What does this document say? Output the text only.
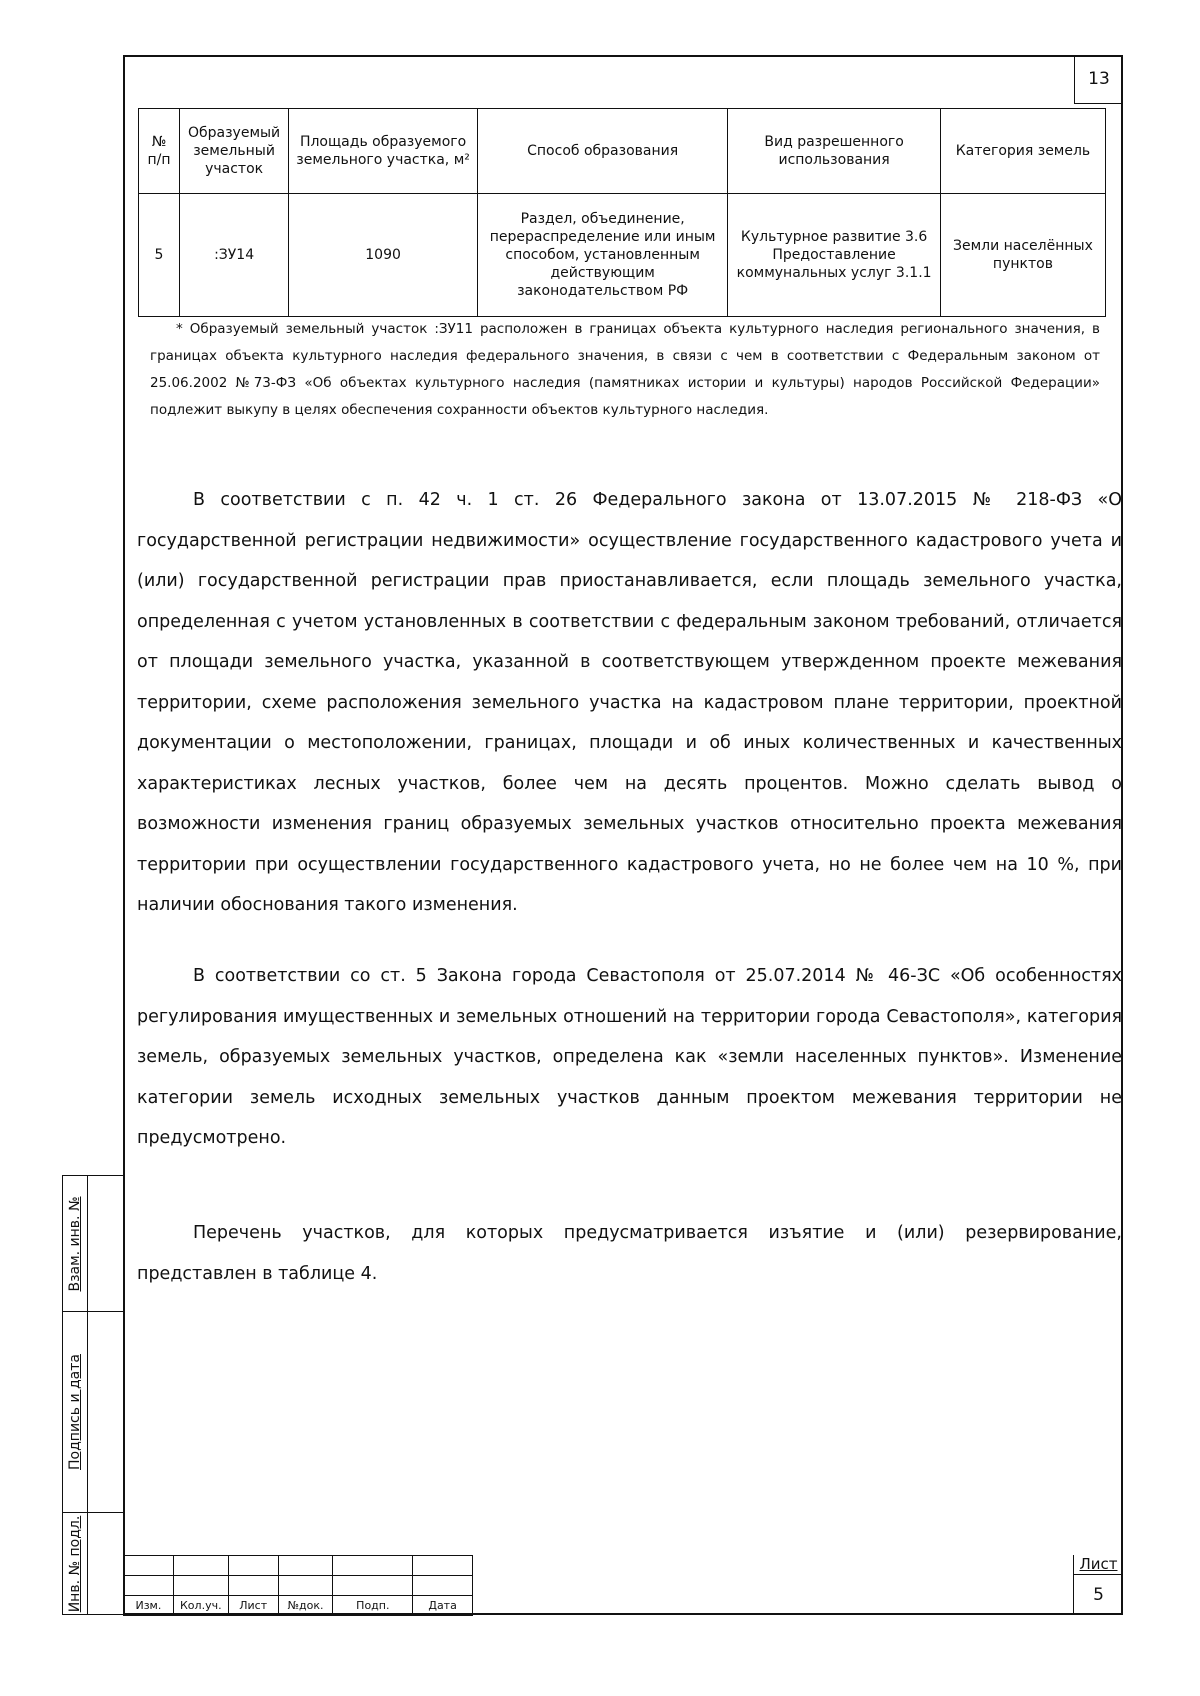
13
№ п/п	Образуемый земельный участок	Площадь образуемого земельного участка, м²	Способ образования	Вид разрешенного использования	Категория земель
5	:ЗУ14	1090	Раздел, объединение, перераспределение или иным способом, установленным действующим законодательством РФ	Культурное развитие 3.6 Предоставление коммунальных услуг 3.1.1	Земли населённых пунктов

* Образуемый земельный участок :ЗУ11 расположен в границах объекта культурного наследия регионального значения, в границах объекта культурного наследия федерального значения, в связи с чем в соответствии с Федеральным законом от 25.06.2002 №73-ФЗ «Об объектах культурного наследия (памятниках истории и культуры) народов Российской Федерации» подлежит выкупу в целях обеспечения сохранности объектов культурного наследия.

В соответствии с п. 42 ч. 1 ст. 26 Федерального закона от 13.07.2015 № 218-ФЗ «О государственной регистрации недвижимости» осуществление государственного кадастрового учета и (или) государственной регистрации прав приостанавливается, если площадь земельного участка, определенная с учетом установленных в соответствии с федеральным законом требований, отличается от площади земельного участка, указанной в соответствующем утвержденном проекте межевания территории, схеме расположения земельного участка на кадастровом плане территории, проектной документации о местоположении, границах, площади и об иных количественных и качественных характеристиках лесных участков, более чем на десять процентов. Можно сделать вывод о возможности изменения границ образуемых земельных участков относительно проекта межевания территории при осуществлении государственного кадастрового учета, но не более чем на 10 %, при наличии обоснования такого изменения.

В соответствии со ст. 5 Закона города Севастополя от 25.07.2014 № 46-ЗС «Об особенностях регулирования имущественных и земельных отношений на территории города Севастополя», категория земель, образуемых земельных участков, определена как «земли населенных пунктов». Изменение категории земель исходных земельных участков данным проектом межевания территории не предусмотрено.

Перечень участков, для которых предусматривается изъятие и (или) резервирование, представлен в таблице 4.

Взам. инв. №
Подпись и дата
Инв. № подл.

						Изм.	Кол.уч.	Лист	№док.	Подп.	Дата
Лист
5
